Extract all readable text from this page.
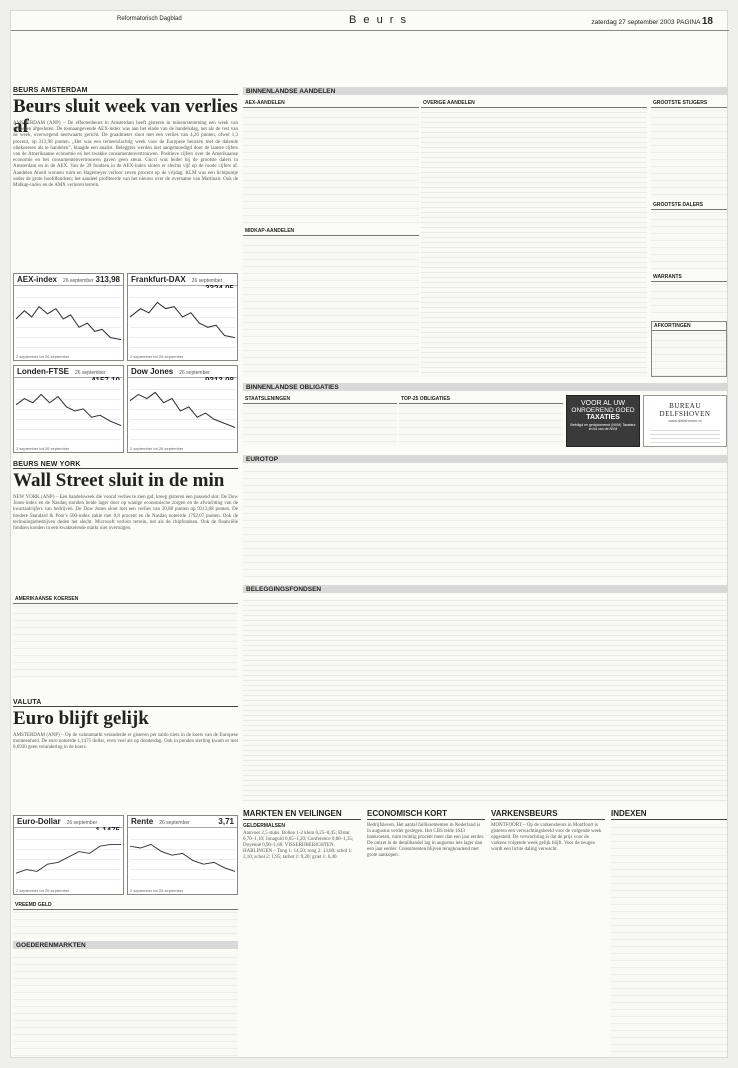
Reformatorisch Dagblad	B e u r s	zaterdag 27 september 2003 PAGINA 18
BEURS AMSTERDAM
Beurs sluit week van verlies af
AMSTERDAM (ANP) – De effectenbeurs in Amsterdam heeft gisteren in mineurstemming een week van verliezen afgesloten. De toonaangevende AEX-index was aan het einde van de handelsdag, net als de rest van de week, overwegend neerwaarts gericht. De graadmeter sloot met een verlies van 4,26 punten, ofwel 1,3 procent, op 313,98 punten. „Het was een terneerslachtig week voor de Europese beurzen met de dalende oliekoersen als te handelen”, klaagde een analist. Beleggers werden niet aangemoedigd door de laatste cijfers van de Amerikaanse economie en het zwakke consumentenvertrouwen. Positieve cijfers over de Amerikaanse economie en het consumentenvertrouwen gaven geen steun. Gucci was leider bij de grootste dalers in Amsterdam en in de AEX. Van de 39 fondsen in de AEX-index sloten er slechts vijf op de roode cijfers af. Aandelen Ahold wonnen ruim en Hagemeyer verloor zeven procent op de vrijdag. KLM was een lichtpuntje onder de grote hoofdfondsen; het aandeel profiteerde van het nieuws over de overname van Martinair. Ook de Midkap-index en de AMX verloren terrein.
AEX-index 26 september 313,98
2 september tot 26 september
Frankfurt-DAX 26 september
2 september tot 26 september
Londen-FTSE 26 september
2 september tot 26 september
Dow Jones 26 september
2 september tot 26 september
BEURS NEW YORK
Wall Street sluit in de min
NEW YORK (ANP) – Een handelsweek die vooral verlies te zien gaf, kreeg gisteren een passend slot. De Dow Jones-index en de Nasdaq stonden beide lager door op wanige economische zorgen en de afwachting van de kwartaalcijfers van bedrijven. De Dow Jones sloot met een verlies van 30,88 punten op 9313,08 punten. De bredere Standard & Poor's 500-index zakte met 0,8 procent en de Nasdaq noteerde 1792,07 punten. Ook de technologiebedrijven deden het slecht. Microsoft verloor terrein, net als de chipfondsen. Ook de financiële fondsen konden in een kwakkelende markt niet overtuigen.
AMERIKAANSE KOERSEN
VALUTA
Euro blijft gelijk
AMSTERDAM (ANP) – Op de valutamarkt veranderde er gisteren per saldo niets in de koers van de Europese munteenheid. De euro noteerde 1,1475 dollar, even veel als op donderdag. Ook in ponden sterling kwam er met 0,6930 geen verandering in de koers.
Euro-Dollar 26 september
2 september tot 26 september
Rente 26 september	3,71
2 september tot 26 september
VREEMD GELD
GOEDERENMARKTEN
BINNENLANDSE AANDELEN
AEX-AANDELEN
MIDKAP-AANDELEN
OVERIGE AANDELEN	GROOTSTE STIJGERS
GROOTSTE DALERS
WARRANTS
AFKORTINGEN
BINNENLANDSE OBLIGATIES
STAATSLENINGEN	TOP-25 OBLIGATIES
VOOR AL UW
ONROEREND GOED
TAXATIES
Beëdigd en gediplomeerd (NVM) Taxateur en lid van de NVM
BUREAU DELFSHOVEN
www.delfshoven.nl
EUROTOP
BELEGGINGSFONDSEN
MARKTEN EN VEILINGEN
GELDERMALSEN
Aanvoer 2,5 stuks. Bollen 1-2 klein 0,25–0,45; Elstar 0,70–1,10; Jonagold 0,65–1,20; Conference 0,80–1,35; Doyenné 0,90–1,60. VISSERIJBERICHTEN. HARLINGEN – Tong 1: 14,50; tong 2: 13,80; schol 1: 2,10; schol 2: 1,95; tarbot 1: 9,20; griet 1: 6,40.
ECONOMISCH KORT
Bedrijfsleven. Het aantal faillissementen in Nederland is in augustus verder gestegen. Het CBS telde 1643 bankroeten, ruim twintig procent meer dan een jaar eerder. De omzet in de detailhandel lag in augustus iets lager dan een jaar eerder. Consumenten blijven terughoudend met grote aankopen.
VARKENSBEURS
MONTFOORT – Op de varkensbeurs in Montfoort is gisteren een verwachtingsbeeld voor de volgende week opgesteld. De verwachting is dat de prijs voor de varkens volgende week gelijk blijft. Voor de zeugen wordt een lichte daling verwacht.
INDEXEN
